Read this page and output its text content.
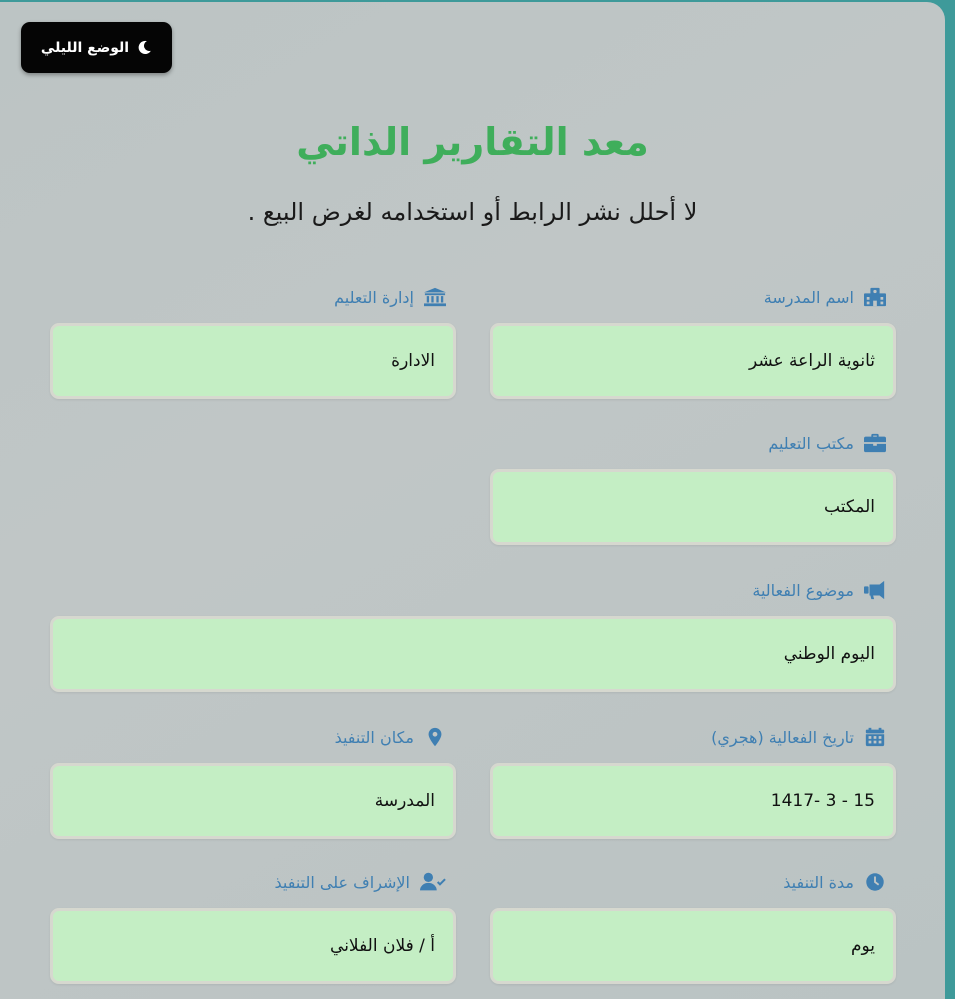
الوضع الليلي
معد التقارير الذاتي
لا أحلل نشر الرابط أو استخدامه لغرض البيع .
اسم المدرسة
ثانوية الراعة عشر
إدارة التعليم
الادارة
مكتب التعليم
المكتب
موضوع الفعالية
اليوم الوطني
تاريخ الفعالية (هجري)
15 - 3 -1417
مكان التنفيذ
المدرسة
مدة التنفيذ
يوم
الإشراف على التنفيذ
أ / فلان الفلاني
